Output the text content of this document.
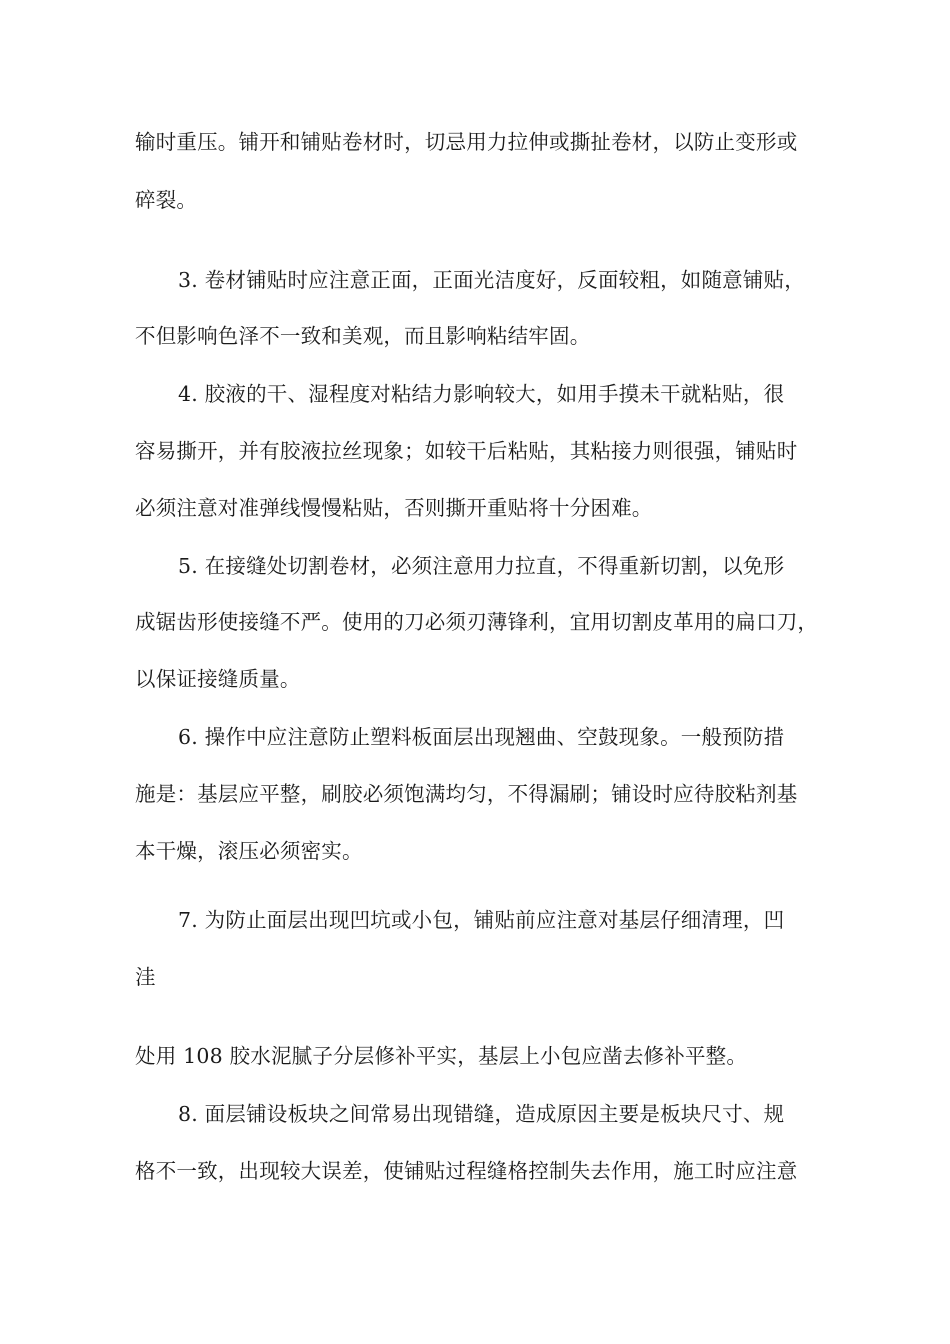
输时重压。铺开和铺贴卷材时，切忌用力拉伸或撕扯卷材，以防止变形或
碎裂。
3. 卷材铺贴时应注意正面，正面光洁度好，反面较粗，如随意铺贴，
不但影响色泽不一致和美观，而且影响粘结牢固。
4. 胶液的干、湿程度对粘结力影响较大，如用手摸未干就粘贴，很
容易撕开，并有胶液拉丝现象；如较干后粘贴，其粘接力则很强，铺贴时
必须注意对准弹线慢慢粘贴，否则撕开重贴将十分困难。
5. 在接缝处切割卷材，必须注意用力拉直，不得重新切割，以免形
成锯齿形使接缝不严。使用的刀必须刃薄锋利，宜用切割皮革用的扁口刀，
以保证接缝质量。
6. 操作中应注意防止塑料板面层出现翘曲、空鼓现象。一般预防措
施是：基层应平整，刷胶必须饱满均匀，不得漏刷；铺设时应待胶粘剂基
本干燥，滚压必须密实。
7. 为防止面层出现凹坑或小包，铺贴前应注意对基层仔细清理，凹
洼
处用 108 胶水泥腻子分层修补平实，基层上小包应凿去修补平整。
8. 面层铺设板块之间常易出现错缝，造成原因主要是板块尺寸、规
格不一致，出现较大误差，使铺贴过程缝格控制失去作用，施工时应注意
